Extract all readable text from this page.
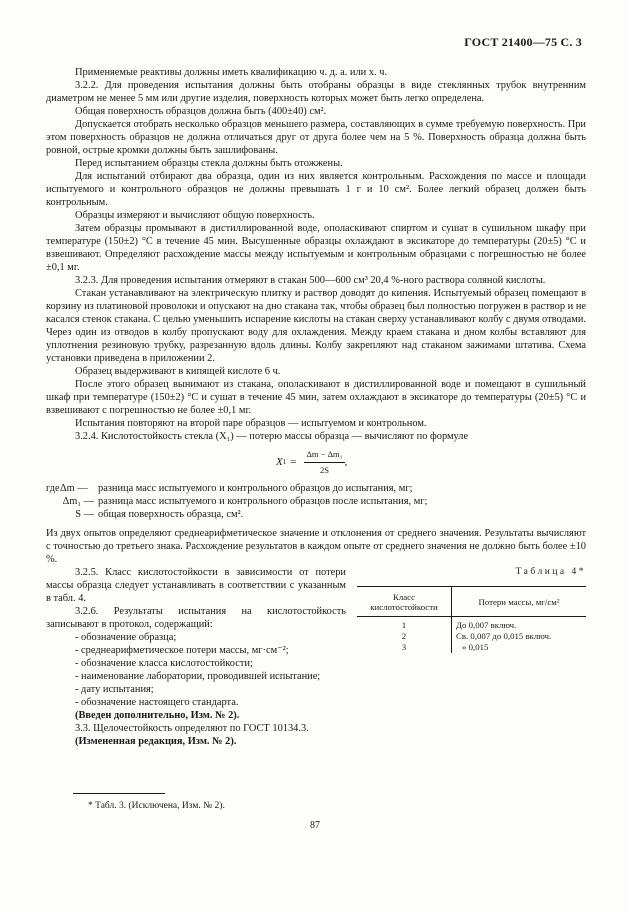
ГОСТ 21400—75 С. 3

Применяемые реактивы должны иметь квалификацию ч. д. а. или х. ч.

3.2.2. Для проведения испытания должны быть отобраны образцы в виде стеклянных трубок внутренним диаметром не менее 5 мм или другие изделия, поверхность которых может быть легко определена.

Общая поверхность образцов должна быть (400±40) см².

Допускается отобрать несколько образцов меньшего размера, составляющих в сумме требуемую поверхность. При этом поверхность образцов не должна отличаться друг от друга более чем на 5 %. Поверхность образца должна быть ровной, острые кромки должны быть зашлифованы.

Перед испытанием образцы стекла должны быть отожжены.

Для испытаний отбирают два образца, один из них является контрольным. Расхождения по массе и площади испытуемого и контрольного образцов не должны превышать 1 г и 10 см². Более легкий образец должен быть контрольным.

Образцы измеряют и вычисляют общую поверхность.

Затем образцы промывают в дистиллированной воде, ополаскивают спиртом и сушат в сушильном шкафу при температуре (150±2) °С в течение 45 мин. Высушенные образцы охлаждают в эксикаторе до температуры (20±5) °С и взвешивают. Определяют расхождение массы между испытуемым и контрольным образцами с погрешностью не более ±0,1 мг.

3.2.3. Для проведения испытания отмеряют в стакан 500—600 см³ 20,4 %-ного раствора соляной кислоты.

Стакан устанавливают на электрическую плитку и раствор доводят до кипения. Испытуемый образец помещают в корзину из платиновой проволоки и опускают на дно стакана так, чтобы образец был полностью погружен в раствор и не касался стенок стакана. С целью уменьшить испарение кислоты на стакан сверху устанавливают колбу с двумя отводами. Через один из отводов в колбу пропускают воду для охлаждения. Между краем стакана и дном колбы вставляют для уплотнения резиновую трубку, разрезанную вдоль длины. Колбу закрепляют над стаканом зажимами штатива. Схема установки приведена в приложении 2.

Образец выдерживают в кипящей кислоте 6 ч.

После этого образец вынимают из стакана, ополаскивают в дистиллированной воде и помещают в сушильный шкаф при температуре (150±2) °С и сушат в течение 45 мин, затем охлаждают в эксикаторе до температуры (20±5) °С и взвешивают с погрешностью не более ±0,1 мг.

Испытания повторяют на второй паре образцов — испытуемом и контрольном.

3.2.4. Кислотостойкость стекла (X₁) — потерю массы образца — вычисляют по формуле

X $1 = \frac{\text{Δm − Δm₁}}{2S}$ ,
где Δm — разница масс испытуемого и контрольного образцов до испытания, мг;
Δm₁ — разница масс испытуемого и контрольного образцов после испытания, мг;
S — общая поверхность образца, см².

Из двух опытов определяют среднеарифметическое значение и отклонения от среднего значения. Результаты вычисляют с точностью до третьего знака. Расхождение результатов в каждом опыте от среднего значения не должно быть более ±10 %.

3.2.5. Класс кислотостойкости в зависимости от потери массы образца следует устанавливать в соответствии с указанным в табл. 4.

3.2.6. Результаты испытания на кислотостойкость записывают в протокол, содержащий:

- обозначение образца;

- среднеарифметическое потери массы, мг·см⁻²;

- обозначение класса кислотостойкости;

- наименование лаборатории, проводившей испытание;

- дату испытания;

- обозначение настоящего стандарта.

(Введен дополнительно, Изм. № 2).

3.3. Щелочестойкость определяют по ГОСТ 10134.3.

(Измененная редакция, Изм. № 2).

Таблица 4*
Класс кислотостойкости	Потери массы, мг/см²
1	До 0,007 включ.
2	Св. 0,007 до 0,015 включ.
3	» 0,015
* Табл. 3. (Исключена, Изм. № 2).
87
